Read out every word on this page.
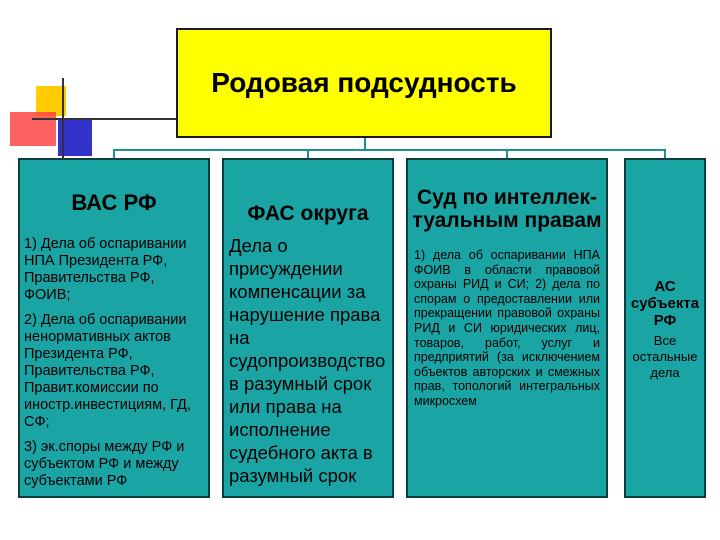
Родовая подсудность
ВАС РФ

1) Дела об оспаривании НПА Президента РФ, Правительства РФ, ФОИВ;

2) Дела об оспаривании ненормативных актов Президента РФ, Правительства РФ, Правит.комиссии по иностр.инвестициям, ГД, СФ;

3) эк.споры между РФ и субъектом РФ и между субъектами РФ

ФАС округа
Дела о присуждении компенсации за нарушение права на судопроизводство в разумный срок или права на исполнение судебного акта в разумный срок
Суд по интеллек-туальным правам
1) дела об оспаривании НПА ФОИВ в области правовой охраны РИД и СИ; 2) дела по спорам о предоставлении или прекращении правовой охраны РИД и СИ юридических лиц, товаров, работ, услуг и предприятий (за исключением объектов авторских и смежных прав, топологий интегральных микросхем
АС субъекта РФ
Все остальные дела
